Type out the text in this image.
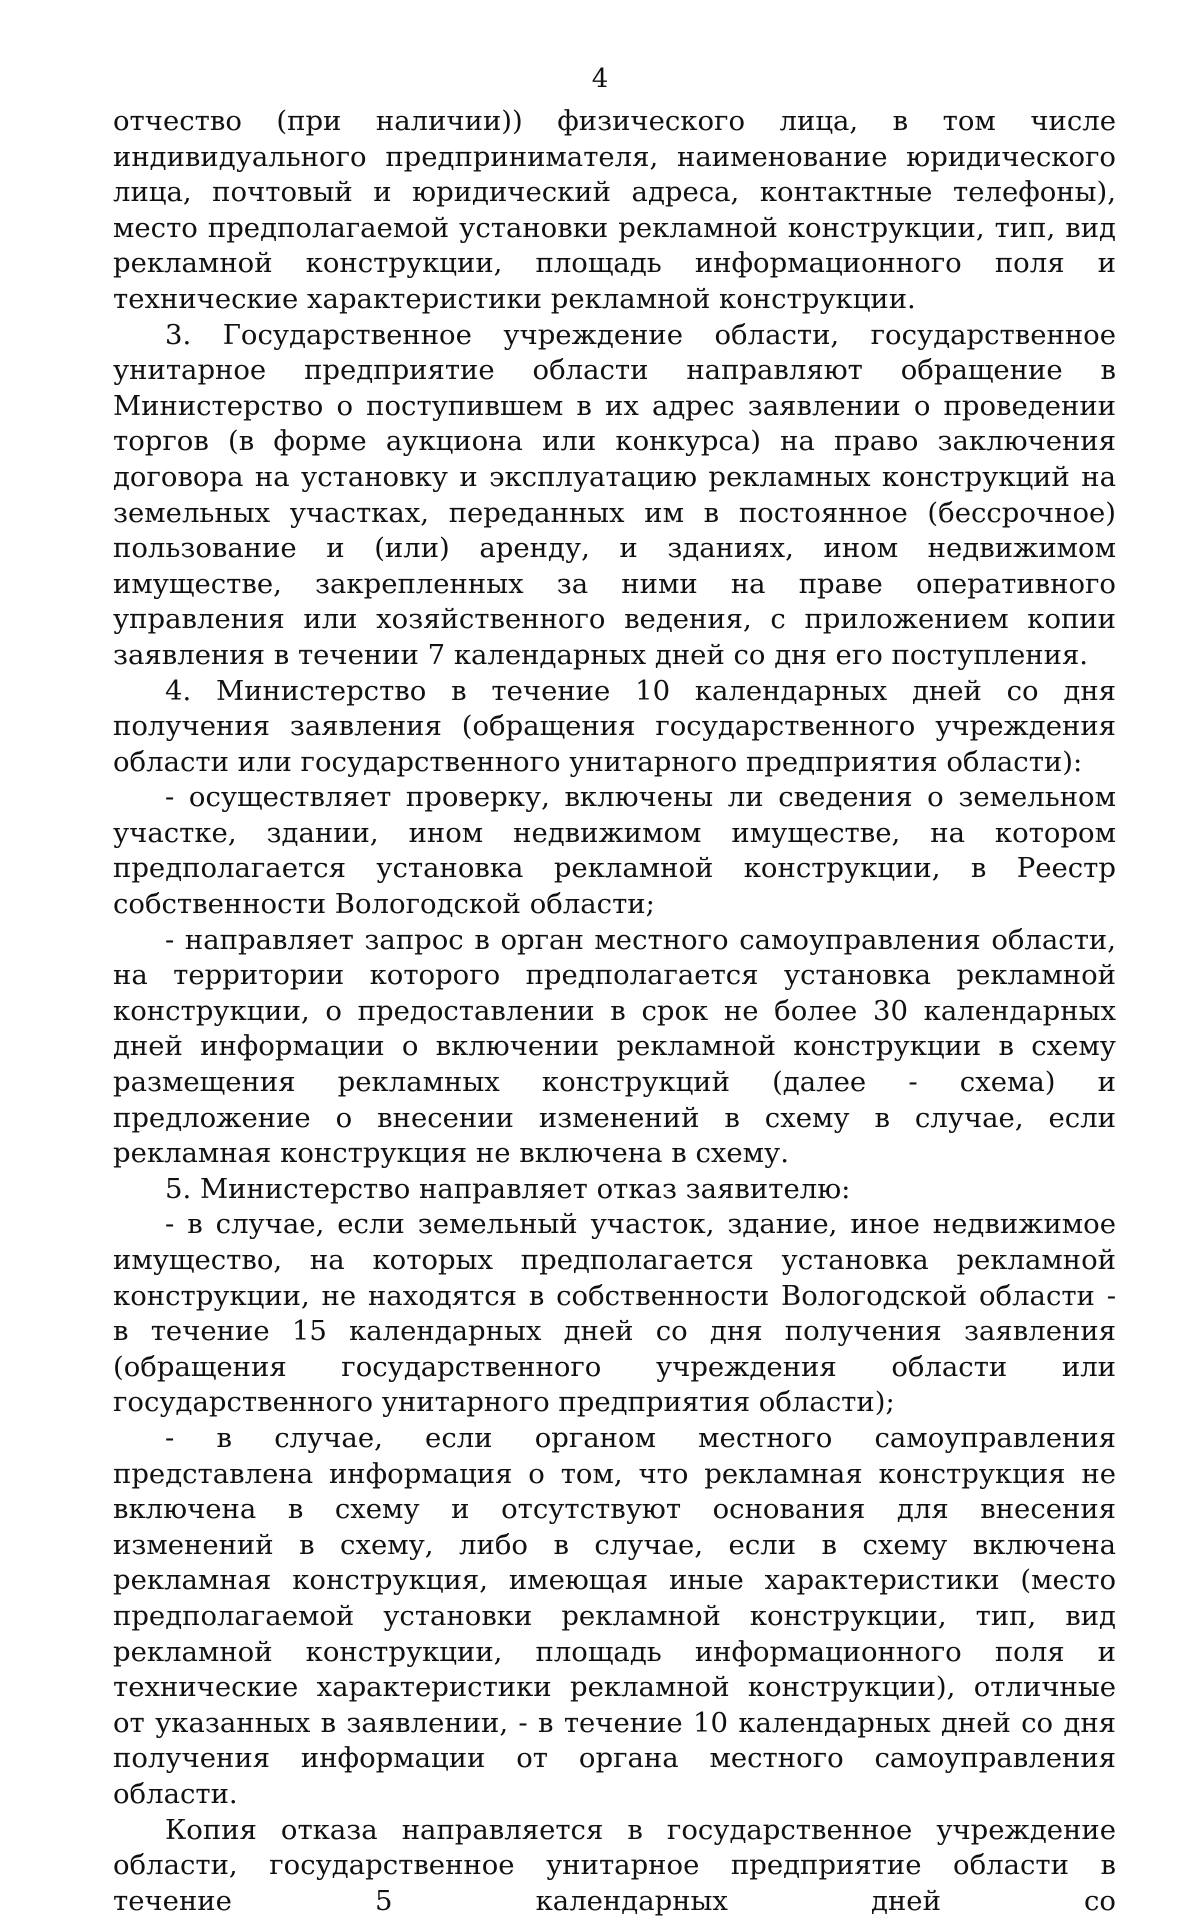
4

отчество (при наличии)) физического лица, в том числе индивидуального предпринимателя, наименование юридического лица, почтовый и юридический адреса, контактные телефоны), место предполагаемой установки рекламной конструкции, тип, вид рекламной конструкции, площадь информационного поля и технические характеристики рекламной конструкции.

3. Государственное учреждение области, государственное унитарное предприятие области направляют обращение в Министерство о поступившем в их адрес заявлении о проведении торгов (в форме аукциона или конкурса) на право заключения договора на установку и эксплуатацию рекламных конструкций на земельных участках, переданных им в постоянное (бессрочное) пользование и (или) аренду, и зданиях, ином недвижимом имуществе, закрепленных за ними на праве оперативного управления или хозяйственного ведения, с приложением копии заявления в течении 7 календарных дней со дня его поступления.

4. Министерство в течение 10 календарных дней со дня получения заявления (обращения государственного учреждения области или государственного унитарного предприятия области):

- осуществляет проверку, включены ли сведения о земельном участке, здании, ином недвижимом имуществе, на котором предполагается установка рекламной конструкции, в Реестр собственности Вологодской области;

- направляет запрос в орган местного самоуправления области, на территории которого предполагается установка рекламной конструкции, о предоставлении в срок не более 30 календарных дней информации о включении рекламной конструкции в схему размещения рекламных конструкций (далее - схема) и предложение о внесении изменений в схему в случае, если рекламная конструкция не включена в схему.

5. Министерство направляет отказ заявителю:

- в случае, если земельный участок, здание, иное недвижимое имущество, на которых предполагается установка рекламной конструкции, не находятся в собственности Вологодской области - в течение 15 календарных дней со дня получения заявления (обращения государственного учреждения области или государственного унитарного предприятия области);

- в случае, если органом местного самоуправления представлена информация о том, что рекламная конструкция не включена в схему и отсутствуют основания для внесения изменений в схему, либо в случае, если в схему включена рекламная конструкция, имеющая иные характеристики (место предполагаемой установки рекламной конструкции, тип, вид рекламной конструкции, площадь информационного поля и технические характеристики рекламной конструкции), отличные от указанных в заявлении, - в течение 10 календарных дней со дня получения информации от органа местного самоуправления области.

Копия отказа направляется в государственное учреждение области, государственное унитарное предприятие области в течение 5 календарных дней со
